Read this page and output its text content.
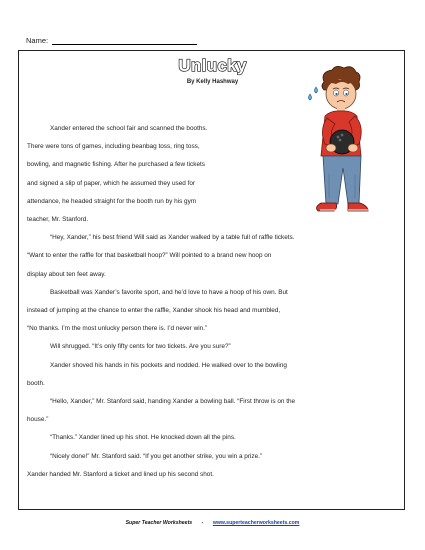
Name:
Unlucky
By Kelly Hashway

Xander entered the school fair and scanned the booths.

There were tons of games, including beanbag toss, ring toss,

bowling, and magnetic fishing. After he purchased a few tickets

and signed a slip of paper, which he assumed they used for

attendance, he headed straight for the booth run by his gym

teacher, Mr. Stanford.

“Hey, Xander,” his best friend Will said as Xander walked by a table full of raffle tickets.

“Want to enter the raffle for that basketball hoop?” Will pointed to a brand new hoop on

display about ten feet away.

Basketball was Xander’s favorite sport, and he’d love to have a hoop of his own. But

instead of jumping at the chance to enter the raffle, Xander shook his head and mumbled,

“No thanks. I’m the most unlucky person there is. I’d never win.”

Will shrugged. “It’s only fifty cents for two tickets. Are you sure?”

Xander shoved his hands in his pockets and nodded. He walked over to the bowling

booth.

“Hello, Xander,” Mr. Stanford said, handing Xander a bowling ball. “First throw is on the

house.”

“Thanks.” Xander lined up his shot. He knocked down all the pins.

“Nicely done!” Mr. Stanford said. “If you get another strike, you win a prize.”

Xander handed Mr. Stanford a ticket and lined up his second shot.

Super Teacher Worksheets - www.superteacherworksheets.com
